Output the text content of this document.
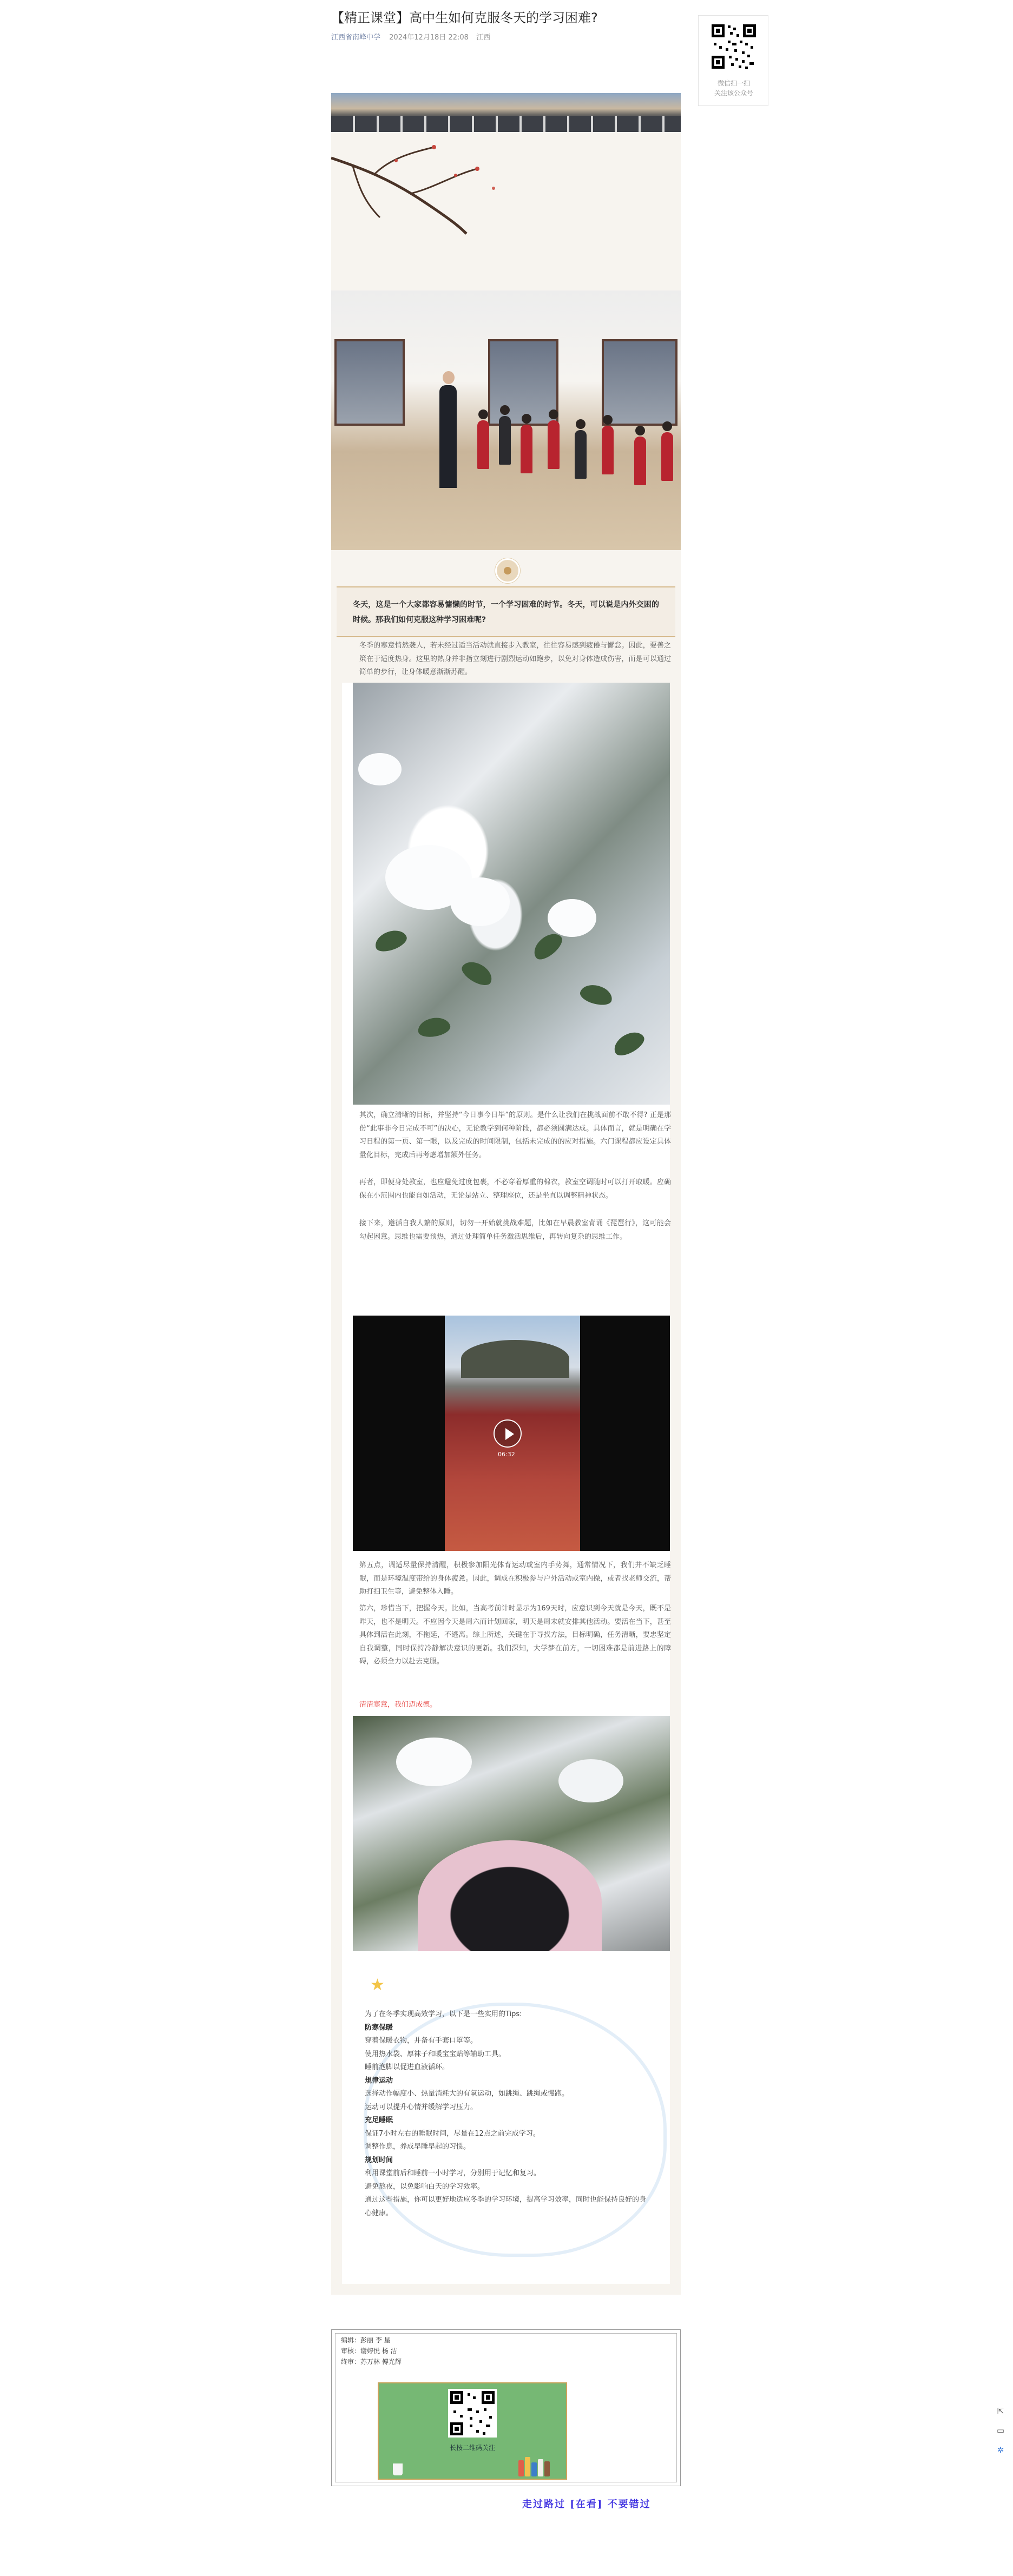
【精正课堂】高中生如何克服冬天的学习困难?
江西省南峰中学 2024年12月18日 22:08 江西
微信扫一扫
关注该公众号

冬天，这是一个大家都容易慵懒的时节，一个学习困难的时节。冬天，可以说是内外交困的时候。那我们如何克服这种学习困难呢?

冬季的寒意悄然袭人，若未经过适当活动就直接步入教室，往往容易感到疲倦与懈怠。因此，要善之策在于适度热身。这里的热身并非指立刻进行剧烈运动如跑步，以免对身体造成伤害，而是可以通过简单的步行，让身体暖意渐渐苏醒。

其次，确立清晰的目标，并坚持“今日事今日毕”的原则。是什么让我们在挑战面前不敢不得? 正是那份“此事非今日完成不可”的决心，无论教学到何种阶段，都必须圆满达成。具体而言，就是明确在学习日程的第一页、第一眼，以及完成的时间限制，包括未完成的的应对措施。六门课程都应设定具体量化目标，完成后再考虑增加额外任务。

再者，即便身处教室，也应避免过度包裹，不必穿着厚重的棉衣，教室空调随时可以打开取暖。应确保在小范围内也能自如活动，无论是站立、整理座位，还是坐直以调整精神状态。

接下来，遵循自我人繁的原则，切勿一开始就挑战难题，比如在早晨教室背诵《琵琶行》，这可能会勾起困意。思维也需要预热，通过处理简单任务激活思维后，再转向复杂的思维工作。

06:32

第五点，调适尽量保持清醒，积极参加阳光体育运动或室内手势舞，通常情况下，我们并不缺乏睡眠，而是环境温度带给的身体疲惫。因此，调成在积极参与户外活动或室内操，或者找老师交流，帮助打扫卫生等，避免整体入睡。

第六，珍惜当下，把握今天。比如，当高考前计时显示为169天时，应意识到今天就是今天，既不是昨天，也不是明天。不应因今天是周六而计划回家，明天是周末就安排其他活动。要活在当下，甚至具体到活在此刻，不拖延，不逃离。综上所述，关键在于寻找方法，目标明确，任务清晰，要忠坚定自我调整，同时保持冷静解决意识的更新。我们深知，大学梦在前方，一切困难都是前进路上的障碍，必须全力以赴去克服。

清清寒意，我们迈成德。
★
为了在冬季实现高效学习，以下是一些实用的Tips:
防寒保暖
穿着保暖衣物，并备有手套口罩等。
使用热水袋、厚袜子和暖宝宝贴等辅助工具。
睡前泡脚以促进血液循环。
規律运动
选择动作幅度小、热量消耗大的有氧运动，如跳绳、跳绳或慢跑。
运动可以提升心情并缓解学习压力。
充足睡眠
保证7小时左右的睡眠时间，尽量在12点之前完成学习。
调整作息，养成早睡早起的习惯。
规划时间
利用课堂前后和睡前一小时学习，分别用于记忆和复习。
避免熬夜，以免影响白天的学习效率。
通过这些措施，你可以更好地适应冬季的学习环境，提高学习效率，同时也能保持良好的身心健康。
编辑：彭丽 李 星
审核：谢婷悦 杨 洁
终审：苏万林 傅光辉
长按二维码关注
走过路过 [在看] 不要错过
⇱
▭
✲
